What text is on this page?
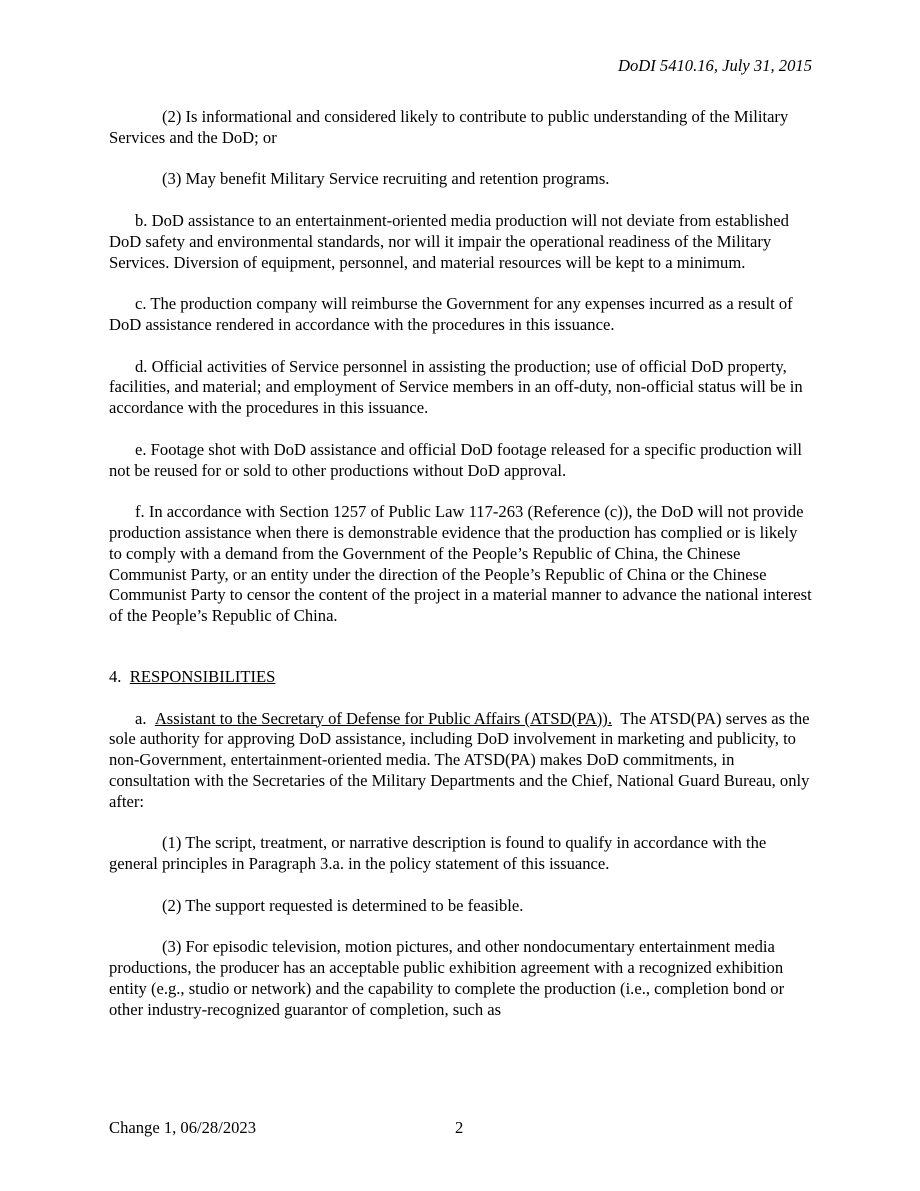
DoDI 5410.16, July 31, 2015

(2) Is informational and considered likely to contribute to public understanding of the Military Services and the DoD; or

(3) May benefit Military Service recruiting and retention programs.

b. DoD assistance to an entertainment-oriented media production will not deviate from established DoD safety and environmental standards, nor will it impair the operational readiness of the Military Services. Diversion of equipment, personnel, and material resources will be kept to a minimum.

c. The production company will reimburse the Government for any expenses incurred as a result of DoD assistance rendered in accordance with the procedures in this issuance.

d. Official activities of Service personnel in assisting the production; use of official DoD property, facilities, and material; and employment of Service members in an off-duty, non-official status will be in accordance with the procedures in this issuance.

e. Footage shot with DoD assistance and official DoD footage released for a specific production will not be reused for or sold to other productions without DoD approval.

f. In accordance with Section 1257 of Public Law 117-263 (Reference (c)), the DoD will not provide production assistance when there is demonstrable evidence that the production has complied or is likely to comply with a demand from the Government of the People’s Republic of China, the Chinese Communist Party, or an entity under the direction of the People’s Republic of China or the Chinese Communist Party to censor the content of the project in a material manner to advance the national interest of the People’s Republic of China.

4. RESPONSIBILITIES

a. Assistant to the Secretary of Defense for Public Affairs (ATSD(PA)). The ATSD(PA) serves as the sole authority for approving DoD assistance, including DoD involvement in marketing and publicity, to non-Government, entertainment-oriented media. The ATSD(PA) makes DoD commitments, in consultation with the Secretaries of the Military Departments and the Chief, National Guard Bureau, only after:

(1) The script, treatment, or narrative description is found to qualify in accordance with the general principles in Paragraph 3.a. in the policy statement of this issuance.

(2) The support requested is determined to be feasible.

(3) For episodic television, motion pictures, and other nondocumentary entertainment media productions, the producer has an acceptable public exhibition agreement with a recognized exhibition entity (e.g., studio or network) and the capability to complete the production (i.e., completion bond or other industry-recognized guarantor of completion, such as

Change 1, 06/28/2023	2
